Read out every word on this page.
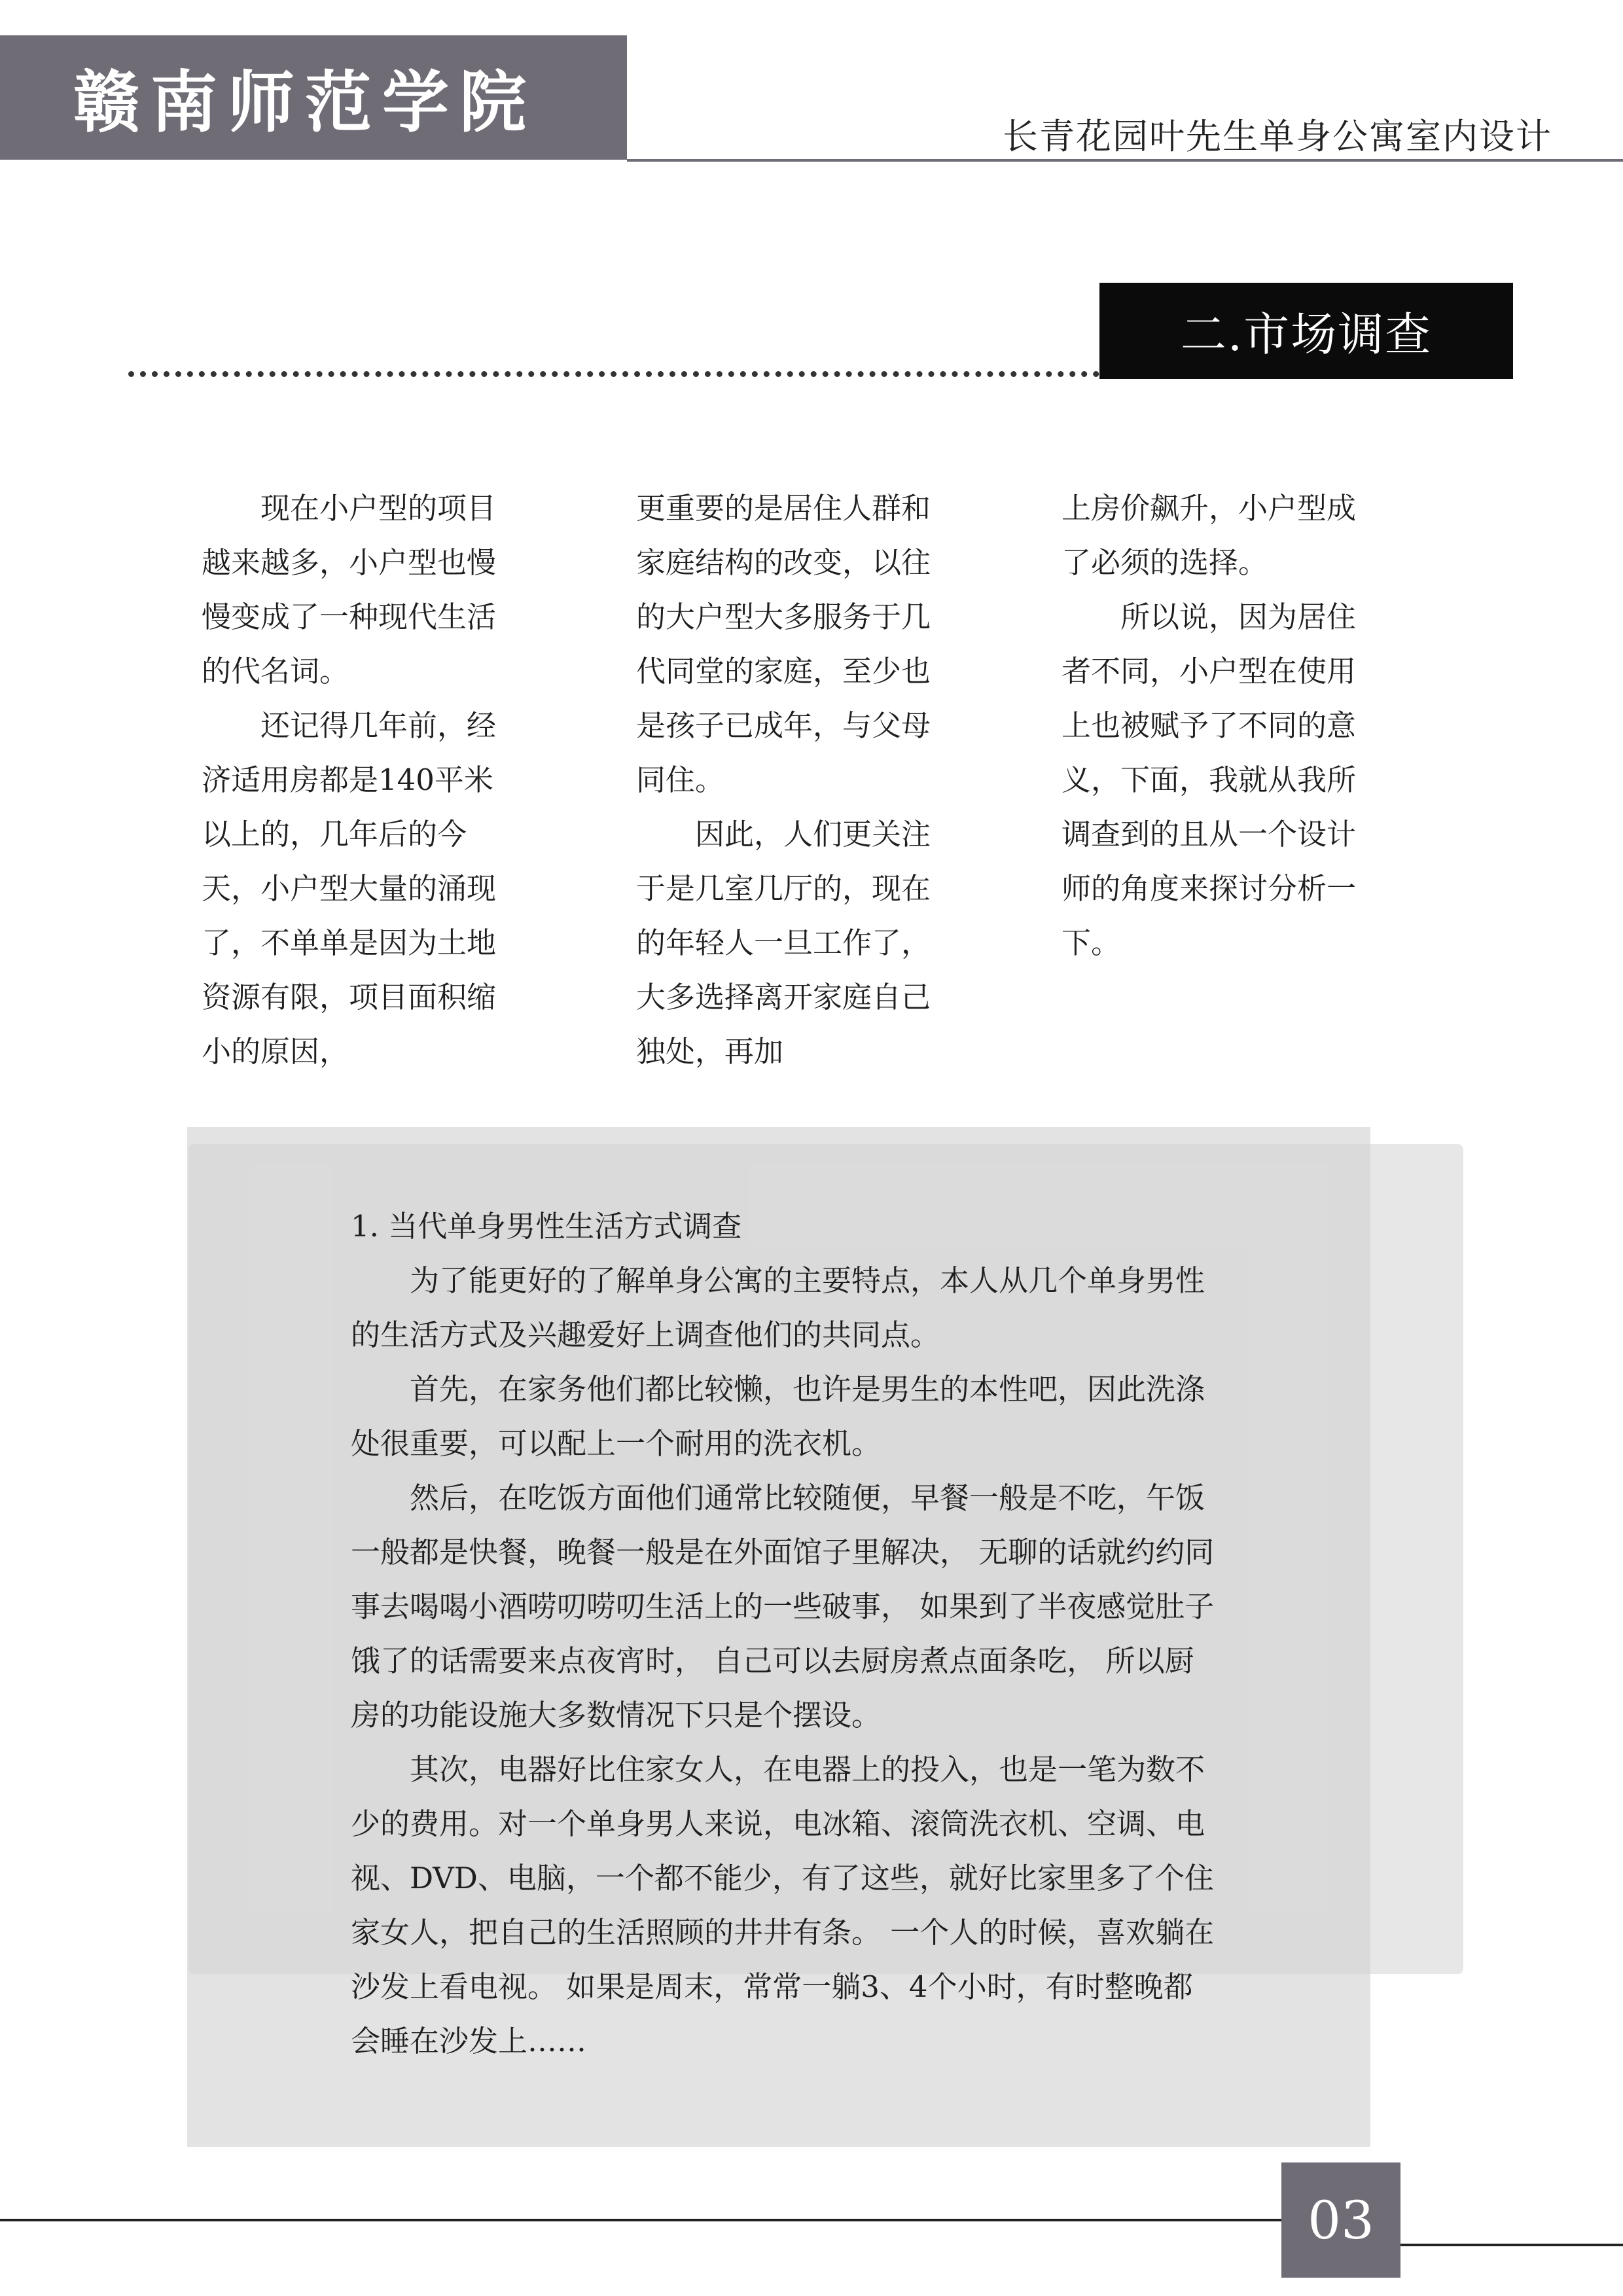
赣南师范学院	长青花园叶先生单身公寓室内设计
二.市场调查

现在小户型的项目越来越多，小户型也慢慢变成了一种现代生活的代名词。

还记得几年前，经济适用房都是140平米以上的，几年后的今天，小户型大量的涌现了，不单单是因为土地资源有限，项目面积缩小的原因，

更重要的是居住人群和家庭结构的改变，以往的大户型大多服务于几代同堂的家庭，至少也是孩子已成年，与父母同住。

因此，人们更关注于是几室几厅的，现在的年轻人一旦工作了，大多选择离开家庭自己独处，再加

上房价飙升，小户型成了必须的选择。

所以说，因为居住者不同，小户型在使用上也被赋予了不同的意义，下面，我就从我所调查到的且从一个设计师的角度来探讨分析一下。

1. 当代单身男性生活方式调查

为了能更好的了解单身公寓的主要特点，本人从几个单身男性的生活方式及兴趣爱好上调查他们的共同点。

首先，在家务他们都比较懒，也许是男生的本性吧，因此洗涤处很重要，可以配上一个耐用的洗衣机。

然后，在吃饭方面他们通常比较随便，早餐一般是不吃，午饭一般都是快餐，晚餐一般是在外面馆子里解决， 无聊的话就约约同事去喝喝小酒唠叨唠叨生活上的一些破事， 如果到了半夜感觉肚子饿了的话需要来点夜宵时， 自己可以去厨房煮点面条吃， 所以厨房的功能设施大多数情况下只是个摆设。

其次，电器好比住家女人，在电器上的投入，也是一笔为数不少的费用。对一个单身男人来说，电冰箱、滚筒洗衣机、空调、电视、DVD、电脑，一个都不能少，有了这些，就好比家里多了个住家女人，把自己的生活照顾的井井有条。 一个人的时候，喜欢躺在沙发上看电视。 如果是周末，常常一躺3、4个小时，有时整晚都会睡在沙发上……

03
